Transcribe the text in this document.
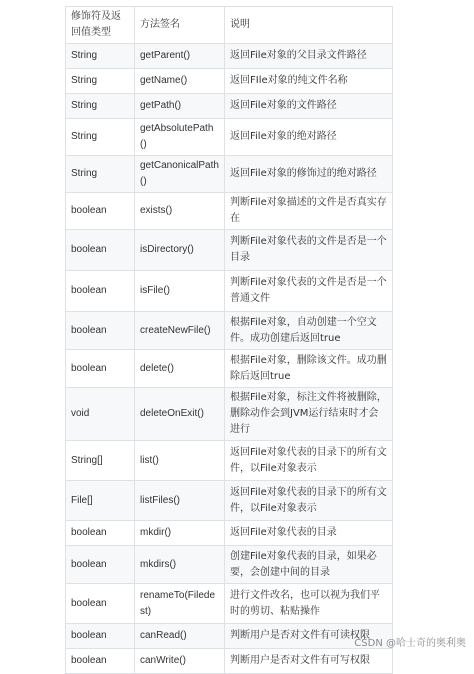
修饰符及返回值类型	方法签名	说明
String	getParent()	返回File对象的父目录文件路径
String	getName()	返回FIle对象的纯文件名称
String	getPath()	返回File对象的文件路径
String	getAbsolutePath()	返回File对象的绝对路径
String	getCanonicalPath()	返回File对象的修饰过的绝对路径
boolean	exists()	判断File对象描述的文件是否真实存在
boolean	isDirectory()	判断File对象代表的文件是否是一个目录
boolean	isFile()	判断File对象代表的文件是否是一个普通文件
boolean	createNewFile()	根据File对象，自动创建一个空文件。成功创建后返回true
boolean	delete()	根据File对象，删除该文件。成功删除后返回true
void	deleteOnExit()	根据File对象，标注文件将被删除，删除动作会到JVM运行结束时才会进行
String[]	list()	返回File对象代表的目录下的所有文件，以File对象表示
File[]	listFiles()	返回File对象代表的目录下的所有文件，以File对象表示
boolean	mkdir()	返回File对象代表的目录
boolean	mkdirs()	创建File对象代表的目录，如果必要，会创建中间的目录
boolean	renameTo(Filedest)	进行文件改名，也可以视为我们平时的剪切、粘贴操作
boolean	canRead()	判断用户是否对文件有可读权限
boolean	canWrite()	判断用户是否对文件有可写权限
CSDN @哈士奇的奥利奥
